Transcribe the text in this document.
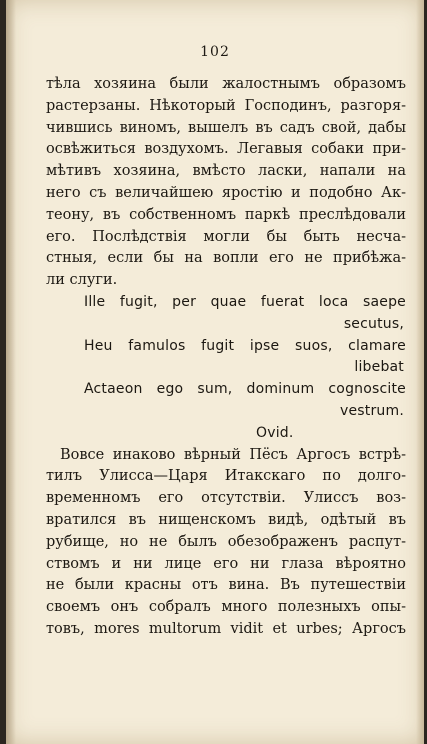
102
тѣла хозяина были жалостнымъ образомъ
растерзаны. Нѣкоторый Господинъ, разгоря-
чившись виномъ, вышелъ въ садъ свой, дабы
освѣжиться воздухомъ. Легавыя собаки при-
мѣтивъ хозяина, вмѣсто ласки, напали на
него съ величайшею яростію и подобно Ак-
теону, въ собственномъ паркѣ преслѣдовали
его. Послѣдствія могли бы быть несча-
стныя, если бы на вопли его не прибѣжа-
ли слуги.
Ille fugit, per quae fuerat loca saepe
secutus,
Heu famulos fugit ipse suos, clamare
libebat
Actaeon ego sum, dominum cognoscite
vestrum.
Ovid.
Вовсе инаково вѣрный Пёсъ Аргосъ встрѣ-
тилъ Улисса—Царя Итакскаго по долго-
временномъ его отсутствіи. Улиссъ воз-
вратился въ нищенскомъ видѣ, одѣтый въ
рубище, но не былъ обезображенъ распут-
ствомъ и ни лице его ни глаза вѣроятно
не были красны отъ вина. Въ путешествіи
своемъ онъ собралъ много полезныхъ опы-
товъ, mores multorum vidit et urbes; Аргосъ
